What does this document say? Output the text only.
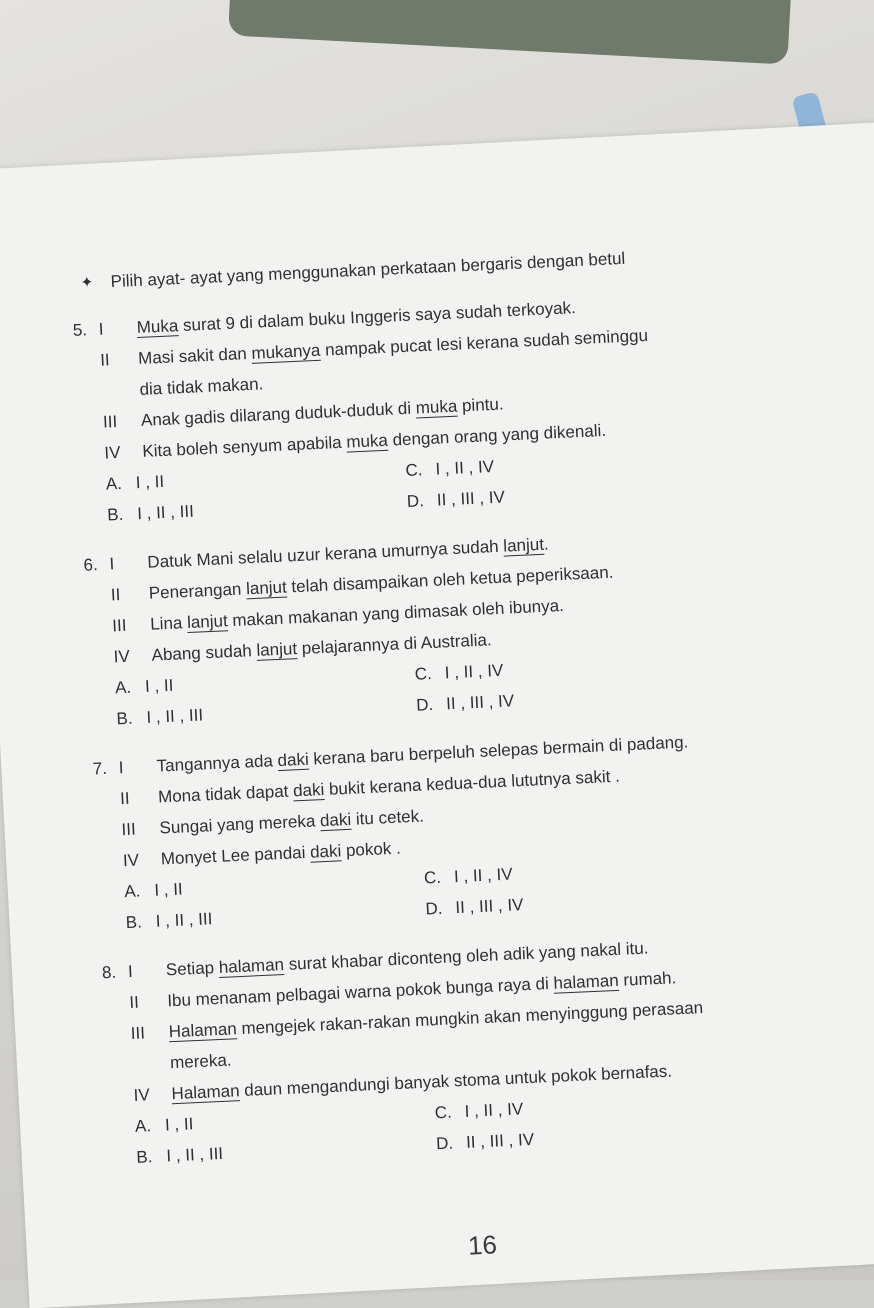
✦ Pilih ayat- ayat yang menggunakan perkataan bergaris dengan betul
5. I	Muka surat 9 di dalam buku Inggeris saya sudah terkoyak.
II	Masi sakit dan mukanya nampak pucat lesi kerana sudah seminggu
dia tidak makan.
III	Anak gadis dilarang duduk-duduk di muka pintu.
IV	Kita boleh senyum apabila muka dengan orang yang dikenali.
A. I , II
C. I , II , IV
B. I , II , III
D. II , III , IV
6. I	Datuk Mani selalu uzur kerana umurnya sudah lanjut.
II	Penerangan lanjut telah disampaikan oleh ketua peperiksaan.
III	Lina lanjut makan makanan yang dimasak oleh ibunya.
IV	Abang sudah lanjut pelajarannya di Australia.
A. I , II
C. I , II , IV
B. I , II , III
D. II , III , IV
7. I	Tangannya ada daki kerana baru berpeluh selepas bermain di padang.
II	Mona tidak dapat daki bukit kerana kedua-dua lututnya sakit .
III	Sungai yang mereka daki itu cetek.
IV	Monyet Lee pandai daki pokok .
A. I , II
C. I , II , IV
B. I , II , III
D. II , III , IV
8. I	Setiap halaman surat khabar diconteng oleh adik yang nakal itu.
II	Ibu menanam pelbagai warna pokok bunga raya di halaman rumah.
III	Halaman mengejek rakan-rakan mungkin akan menyinggung perasaan
mereka.
IV	Halaman daun mengandungi banyak stoma untuk pokok bernafas.
A. I , II
C. I , II , IV
B. I , II , III
D. II , III , IV
16
